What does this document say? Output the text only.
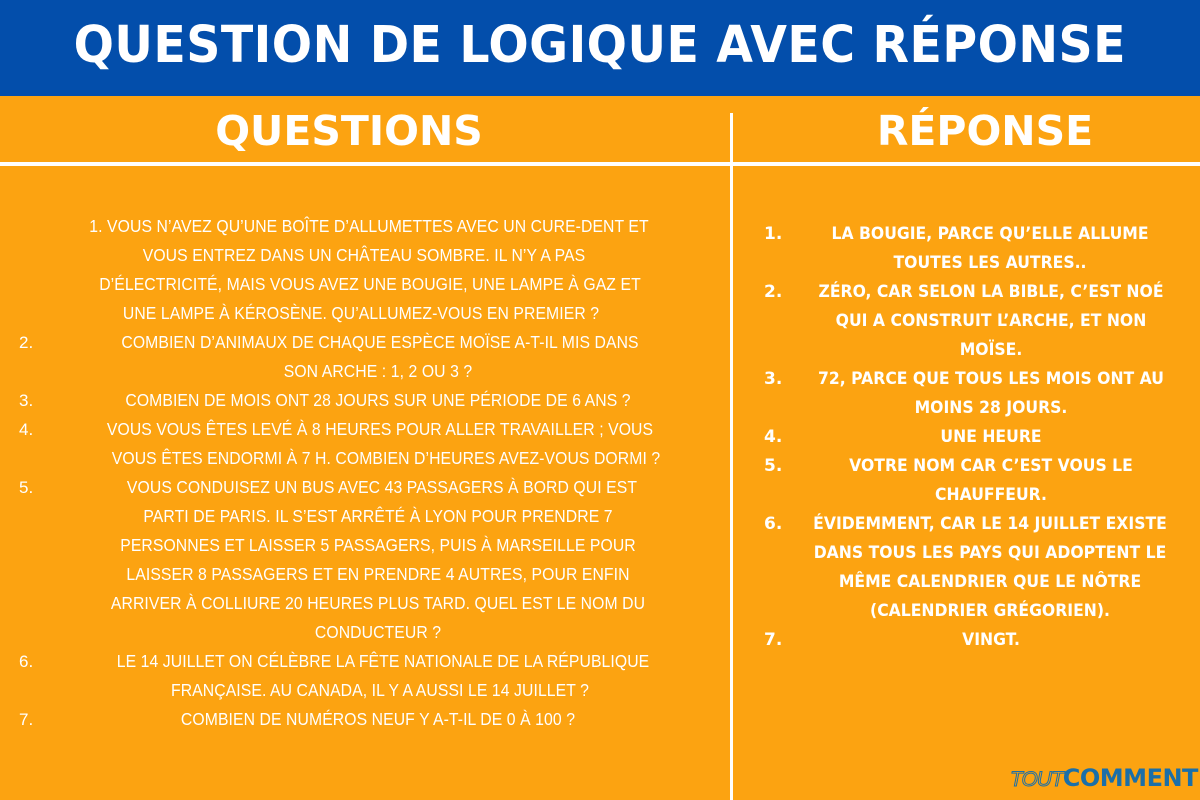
QUESTION DE LOGIQUE AVEC RÉPONSE
QUESTIONS	RÉPONSE
1. VOUS N’AVEZ QU’UNE BOÎTE D’ALLUMETTES AVEC UN CURE-DENT ET
VOUS ENTREZ DANS UN CHÂTEAU SOMBRE. IL N’Y A PAS
D’ÉLECTRICITÉ, MAIS VOUS AVEZ UNE BOUGIE, UNE LAMPE À GAZ ET
UNE LAMPE À KÉROSÈNE. QU’ALLUMEZ-VOUS EN PREMIER ?
2.	COMBIEN D’ANIMAUX DE CHAQUE ESPÈCE MOÏSE A-T-IL MIS DANS
SON ARCHE : 1, 2 OU 3 ?
3.	COMBIEN DE MOIS ONT 28 JOURS SUR UNE PÉRIODE DE 6 ANS ?
4.	VOUS VOUS ÊTES LEVÉ À 8 HEURES POUR ALLER TRAVAILLER ; VOUS
VOUS ÊTES ENDORMI À 7 H. COMBIEN D’HEURES AVEZ-VOUS DORMI ?
5.	VOUS CONDUISEZ UN BUS AVEC 43 PASSAGERS À BORD QUI EST
PARTI DE PARIS. IL S’EST ARRÊTÉ À LYON POUR PRENDRE 7
PERSONNES ET LAISSER 5 PASSAGERS, PUIS À MARSEILLE POUR
LAISSER 8 PASSAGERS ET EN PRENDRE 4 AUTRES, POUR ENFIN
ARRIVER À COLLIURE 20 HEURES PLUS TARD. QUEL EST LE NOM DU
CONDUCTEUR ?
6.	LE 14 JUILLET ON CÉLÈBRE LA FÊTE NATIONALE DE LA RÉPUBLIQUE
FRANÇAISE. AU CANADA, IL Y A AUSSI LE 14 JUILLET ?
7.	COMBIEN DE NUMÉROS NEUF Y A-T-IL DE 0 À 100 ?
1.	LA BOUGIE, PARCE QU’ELLE ALLUME
TOUTES LES AUTRES..
2.	ZÉRO, CAR SELON LA BIBLE, C’EST NOÉ
QUI A CONSTRUIT L’ARCHE, ET NON
MOÏSE.
3.	72, PARCE QUE TOUS LES MOIS ONT AU
MOINS 28 JOURS.
4.	UNE HEURE
5.	VOTRE NOM CAR C’EST VOUS LE
CHAUFFEUR.
6.	ÉVIDEMMENT, CAR LE 14 JUILLET EXISTE
DANS TOUS LES PAYS QUI ADOPTENT LE
MÊME CALENDRIER QUE LE NÔTRE
(CALENDRIER GRÉGORIEN).
7.	VINGT.
TOUT COMMENT
